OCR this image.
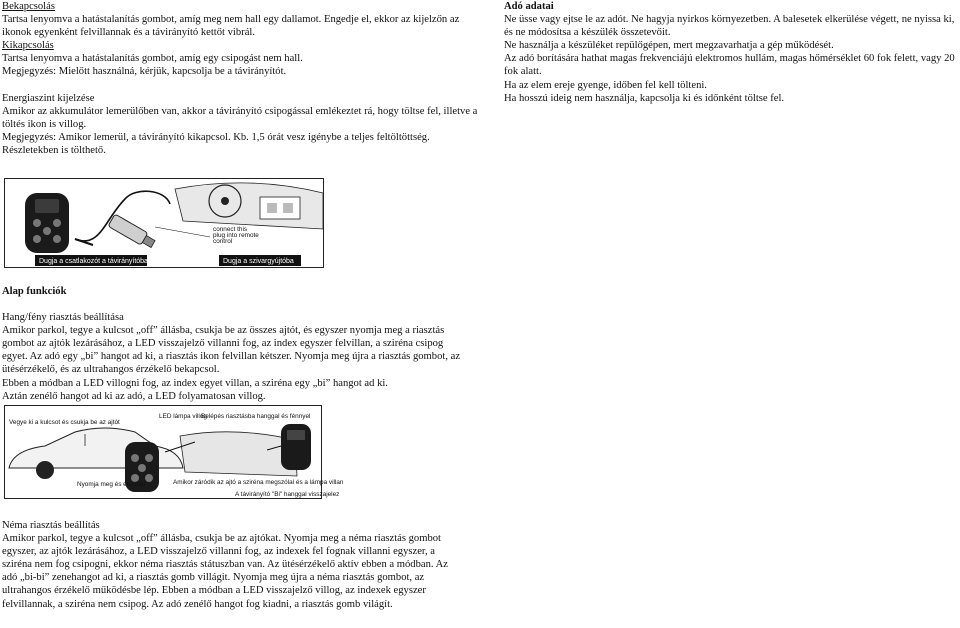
Bekapcsolás

Tartsa lenyomva a hatástalanítás gombot, amíg meg nem hall egy dallamot. Engedje el, ekkor az kijelzőn az ikonok egyenként felvillannak és a távirányító kettőt vibrál.

Kikapcsolás

Tartsa lenyomva a hatástalanítás gombot, amíg egy csipogást nem hall.

Megjegyzés: Mielőtt használná, kérjük, kapcsolja be a távirányítót.

Energiaszint kijelzése

Amikor az akkumulátor lemerülőben van, akkor a távirányító csipogással emlékeztet rá, hogy töltse fel, illetve a töltés ikon is villog.

Megjegyzés: Amikor lemerül, a távirányító kikapcsol. Kb. 1,5 órát vesz igénybe a teljes feltöltöttség. Részletekben is tölthető.

Adó adatai

Ne üsse vagy ejtse le az adót. Ne hagyja nyirkos környezetben. A balesetek elkerülése végett, ne nyissa ki, és ne módosítsa a készülék összetevőit.

Ne használja a készüléket repülőgépen, mert megzavarhatja a gép működését.

Az adó borítására hathat magas frekvenciájú elektromos hullám, magas hőmérséklet 60 fok felett, vagy 20 fok alatt.

Ha az elem ereje gyenge, időben fel kell tölteni.

Ha hosszú ideig nem használja, kapcsolja ki és időnként töltse fel.

connect this
plug into remote
control
Dugja a csatlakozót a távirányítóba	Dugja a szivargyújtóba

Alap funkciók

Hang/fény riasztás beállítása

Amikor parkol, tegye a kulcsot „off” állásba, csukja be az összes ajtót, és egyszer nyomja meg a riasztás gombot az ajtók lezárásához, a LED visszajelző villanni fog, az index egyszer felvillan, a sziréna csipog egyet. Az adó egy „bi” hangot ad ki, a riasztás ikon felvillan kétszer. Nyomja meg újra a riasztás gombot, az ütésérzékelő, és az ultrahangos érzékelő bekapcsol.

Ebben a módban a LED villogni fog, az index egyet villan, a sziréna egy „bi” hangot ad ki.

Aztán zenélő hangot ad ki az adó, a LED folyamatosan villog.

Vegye ki a kulcsot és csukja be az ajtót
LED lámpa villog
Belépés riasztásba hanggal és fénnyel
Nyomja meg és élesítsd	Amikor záródik az ajtó a sziréna megszólal és a lámpa villan
A távirányító "Bi" hanggal visszajelez

Néma riasztás beállítás

Amikor parkol, tegye a kulcsot „off” állásba, csukja be az ajtókat. Nyomja meg a néma riasztás gombot egyszer, az ajtók lezárásához, a LED visszajelző villanni fog, az indexek fel fognak villanni egyszer, a sziréna nem fog csipogni, ekkor néma riasztás státuszban van. Az ütésérzékelő aktív ebben a módban. Az adó „bi-bi” zenehangot ad ki, a riasztás gomb villágit. Nyomja meg újra a néma riasztás gombot, az ultrahangos érzékelő működésbe lép. Ebben a módban a LED visszajelző villog, az indexek egyszer felvillannak, a sziréna nem csipog. Az adó zenélő hangot fog kiadni, a riasztás gomb világít.
